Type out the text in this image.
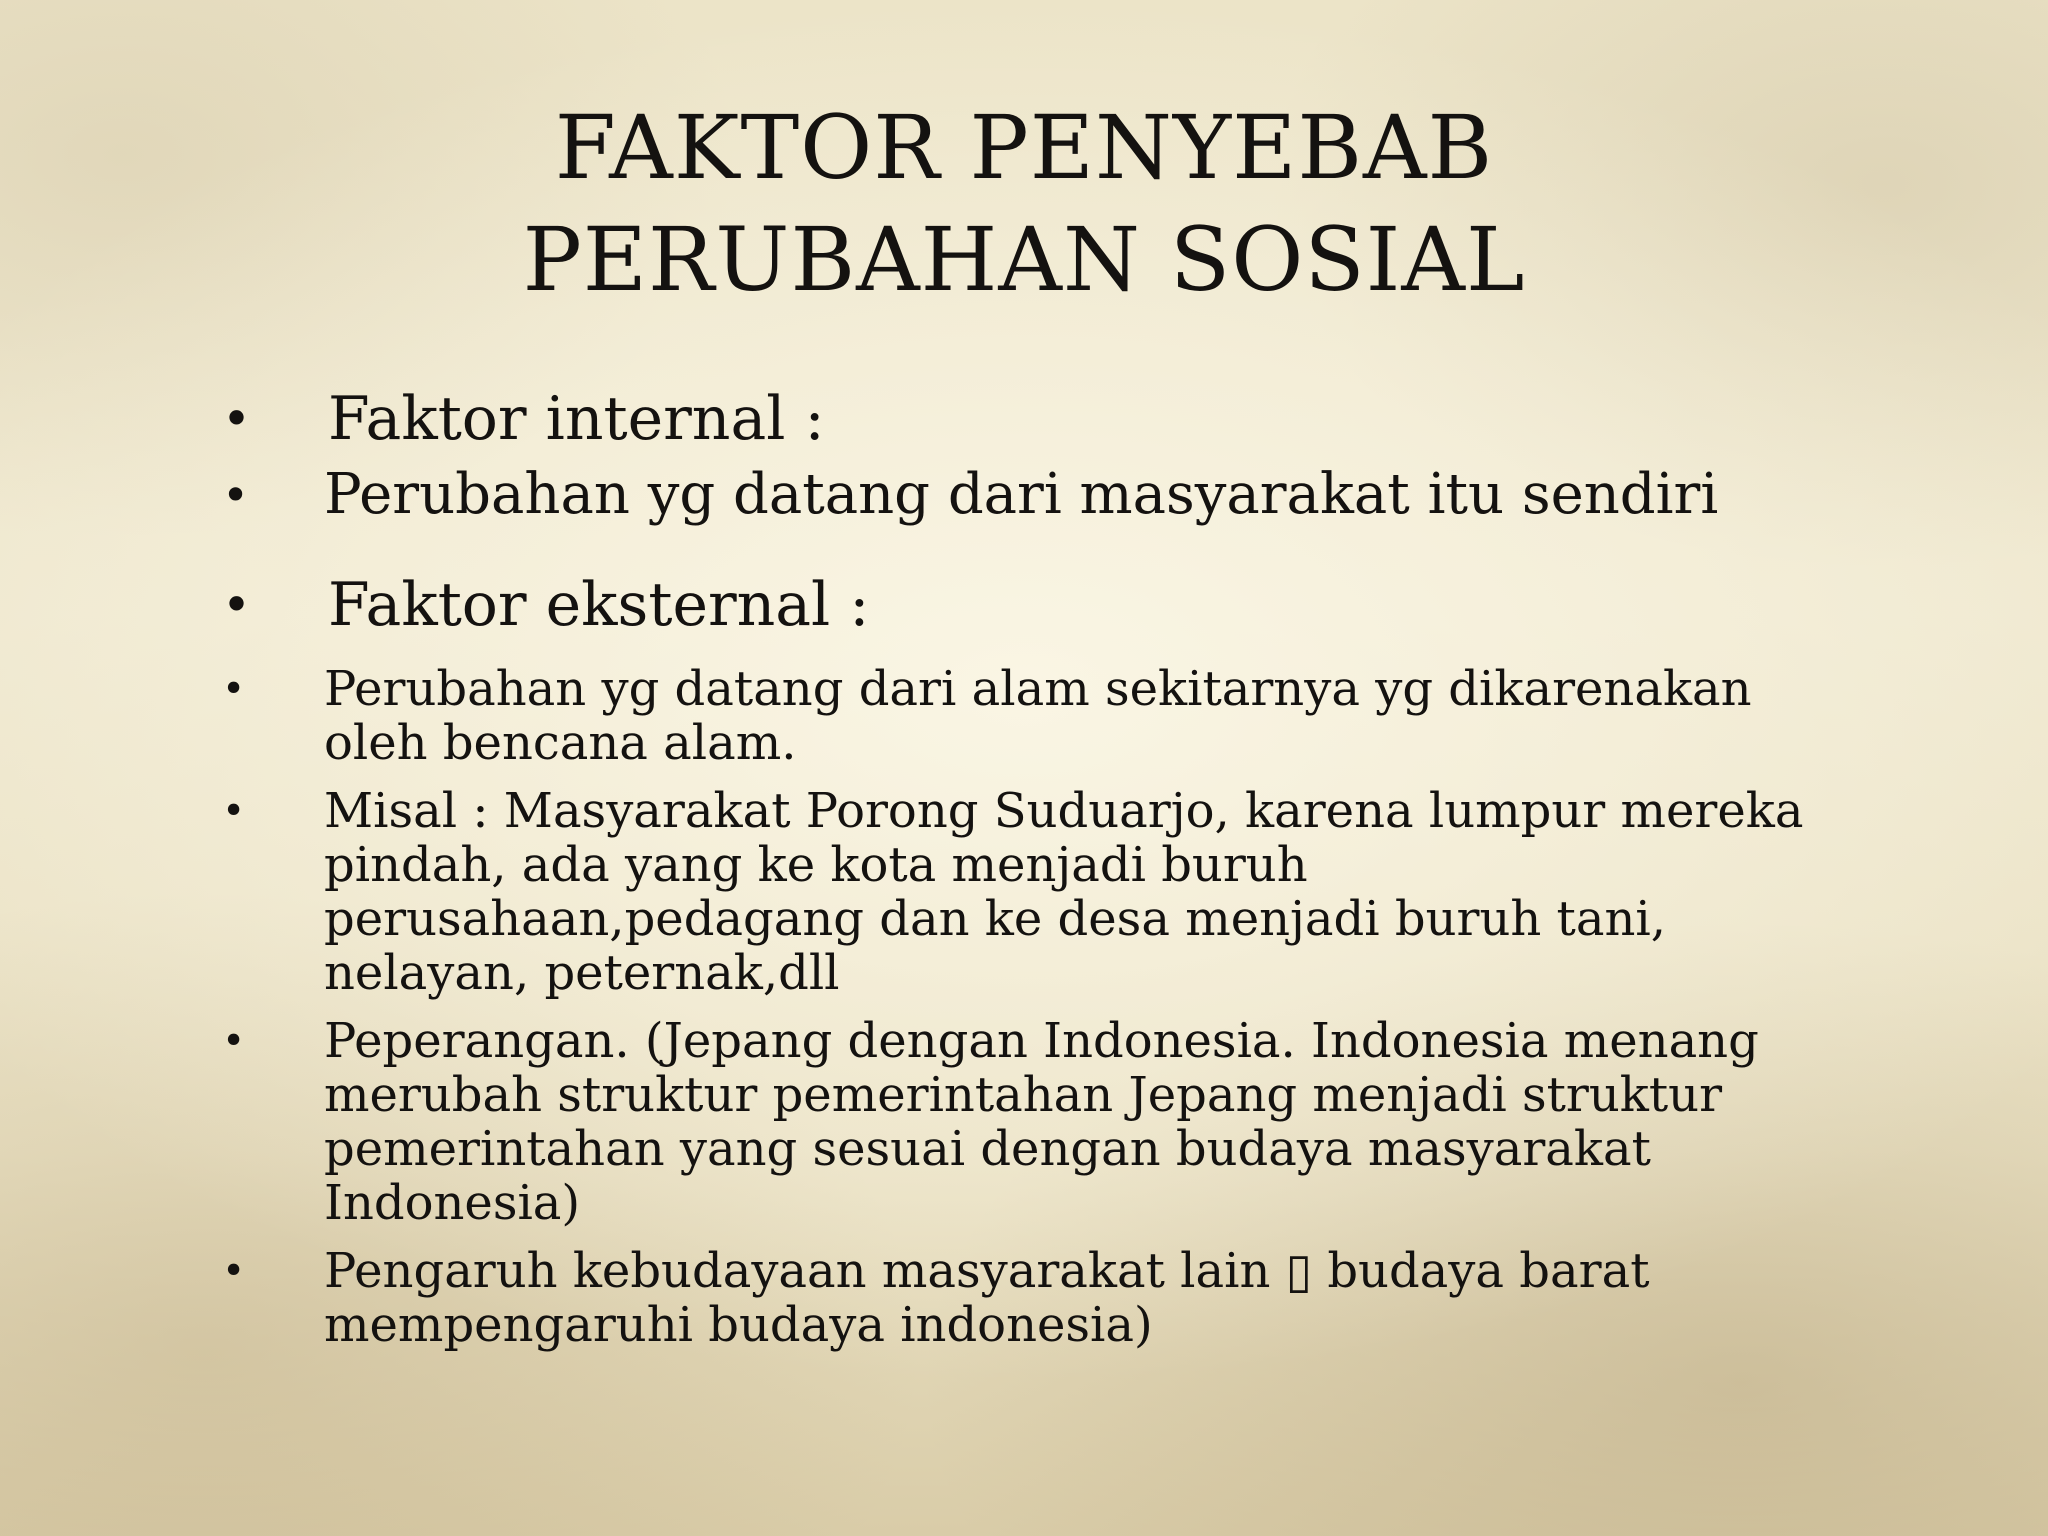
FAKTOR PENYEBAB
PERUBAHAN SOSIAL
• Faktor internal :
• Perubahan yg datang dari masyarakat itu sendiri
• Faktor eksternal :
•	Perubahan yg datang dari alam sekitarnya yg dikarenakan oleh bencana alam.
•	Misal : Masyarakat Porong Suduarjo, karena lumpur mereka pindah, ada yang ke kota menjadi buruh perusahaan,pedagang dan ke desa menjadi buruh tani, nelayan, peternak,dll
•	Peperangan. (Jepang dengan Indonesia. Indonesia menang merubah struktur pemerintahan Jepang menjadi struktur pemerintahan yang sesuai dengan budaya masyarakat Indonesia)
•	Pengaruh kebudayaan masyarakat lain ▯ budaya barat mempengaruhi budaya indonesia)
